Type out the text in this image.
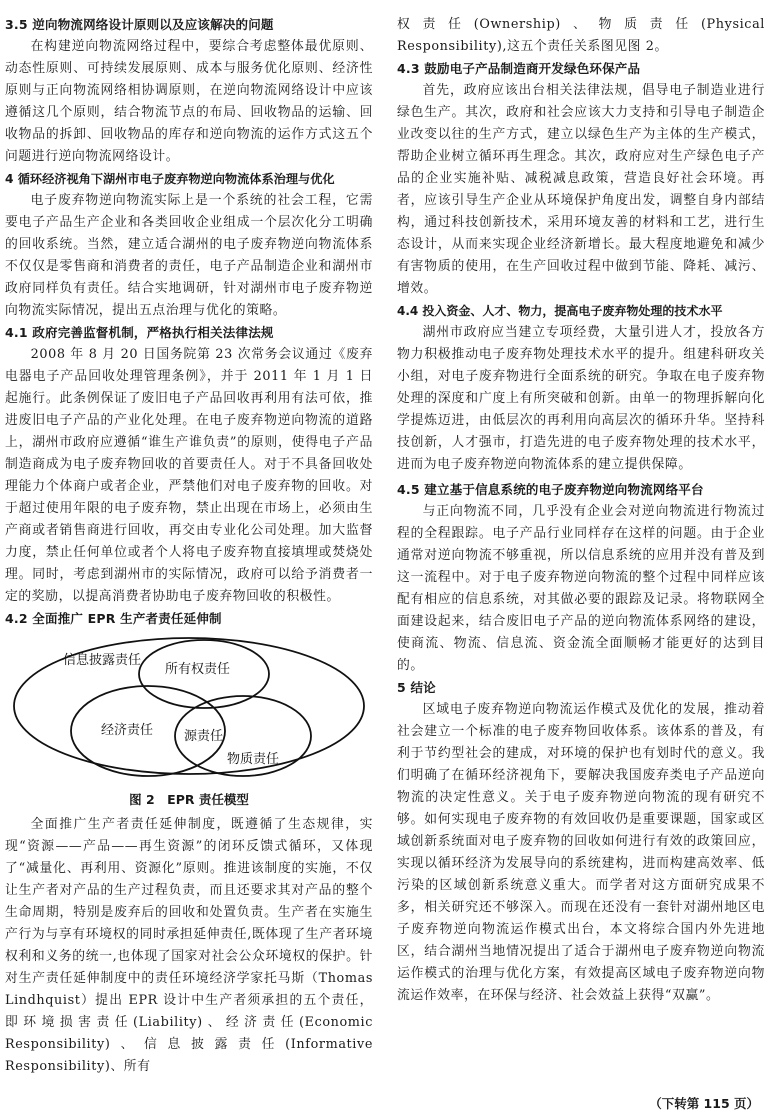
3.5 逆向物流网络设计原则以及应该解决的问题

在构建逆向物流网络过程中，要综合考虑整体最优原则、动态性原则、可持续发展原则、成本与服务优化原则、经济性原则与正向物流网络相协调原则，在逆向物流网络设计中应该遵循这几个原则，结合物流节点的布局、回收物品的运输、回收物品的拆卸、回收物品的库存和逆向物流的运作方式这五个问题进行逆向物流网络设计。

4 循环经济视角下湖州市电子废弃物逆向物流体系治理与优化

电子废弃物逆向物流实际上是一个系统的社会工程，它需要电子产品生产企业和各类回收企业组成一个层次化分工明确的回收系统。当然，建立适合湖州的电子废弃物逆向物流体系不仅仅是零售商和消费者的责任，电子产品制造企业和湖州市政府同样负有责任。结合实地调研，针对湖州市电子废弃物逆向物流实际情况，提出五点治理与优化的策略。

4.1 政府完善监督机制，严格执行相关法律法规

2008 年 8 月 20 日国务院第 23 次常务会议通过《废弃电器电子产品回收处理管理条例》，并于 2011 年 1 月 1 日起施行。此条例保证了废旧电子产品回收再利用有法可依，推进废旧电子产品的产业化处理。在电子废弃物逆向物流的道路上，湖州市政府应遵循“谁生产谁负责”的原则，使得电子产品制造商成为电子废弃物回收的首要责任人。对于不具备回收处理能力个体商户或者企业，严禁他们对电子废弃物的回收。对于超过使用年限的电子废弃物，禁止出现在市场上，必须由生产商或者销售商进行回收，再交由专业化公司处理。加大监督力度，禁止任何单位或者个人将电子废弃物直接填埋或焚烧处理。同时，考虑到湖州市的实际情况，政府可以给予消费者一定的奖励，以提高消费者协助电子废弃物回收的积极性。

4.2 全面推广 EPR 生产者责任延伸制
信息披露责任
所有权责任
经济责任 源责任
物质责任
图 2　EPR 责任模型

全面推广生产者责任延伸制度，既遵循了生态规律，实现“资源——产品——再生资源”的闭环反馈式循环，又体现了“减量化、再利用、资源化”原则。推进该制度的实施，不仅让生产者对产品的生产过程负责，而且还要求其对产品的整个生命周期，特别是废弃后的回收和处置负责。生产者在实施生产行为与享有环境权的同时承担延伸责任,既体现了生产者环境权利和义务的统一,也体现了国家对社会公众环境权的保护。针对生产责任延伸制度中的责任环境经济学家托马斯（Thomas Lindhquist）提出 EPR 设计中生产者须承担的五个责任，即环境损害责任(Liability)、经济责任(Economic Responsibility)、信息披露责任(Informative Responsibility)、所有

权责任(Ownership)、物质责任(Physical Responsibility),这五个责任关系图见图 2。

4.3 鼓励电子产品制造商开发绿色环保产品

首先，政府应该出台相关法律法规，倡导电子制造业进行绿色生产。其次，政府和社会应该大力支持和引导电子制造企业改变以往的生产方式，建立以绿色生产为主体的生产模式，帮助企业树立循环再生理念。其次，政府应对生产绿色电子产品的企业实施补贴、减税减息政策，营造良好社会环境。再者，应该引导生产企业从环境保护角度出发，调整自身内部结构，通过科技创新技术，采用环境友善的材料和工艺，进行生态设计，从而来实现企业经济新增长。最大程度地避免和减少有害物质的使用，在生产回收过程中做到节能、降耗、减污、增效。

4.4 投入资金、人才、物力，提高电子废弃物处理的技术水平

湖州市政府应当建立专项经费，大量引进人才，投放各方物力积极推动电子废弃物处理技术水平的提升。组建科研攻关小组，对电子废弃物进行全面系统的研究。争取在电子废弃物处理的深度和广度上有所突破和创新。由单一的物理拆解向化学提炼迈进，由低层次的再利用向高层次的循环升华。坚持科技创新，人才强市，打造先进的电子废弃物处理的技术水平，进而为电子废弃物逆向物流体系的建立提供保障。

4.5 建立基于信息系统的电子废弃物逆向物流网络平台

与正向物流不同，几乎没有企业会对逆向物流进行物流过程的全程跟踪。电子产品行业同样存在这样的问题。由于企业通常对逆向物流不够重视，所以信息系统的应用并没有普及到这一流程中。对于电子废弃物逆向物流的整个过程中同样应该配有相应的信息系统，对其做必要的跟踪及记录。将物联网全面建设起来，结合废旧电子产品的逆向物流体系网络的建设，使商流、物流、信息流、资金流全面顺畅才能更好的达到目的。

5 结论

区域电子废弃物逆向物流运作模式及优化的发展，推动着社会建立一个标准的电子废弃物回收体系。该体系的普及，有利于节约型社会的建成，对环境的保护也有划时代的意义。我们明确了在循环经济视角下，要解决我国废弃类电子产品逆向物流的决定性意义。关于电子废弃物逆向物流的现有研究不够。如何实现电子废弃物的有效回收仍是重要课题，国家或区域创新系统面对电子废弃物的回收如何进行有效的政策回应，实现以循环经济为发展导向的系统建构，进而构建高效率、低污染的区域创新系统意义重大。而学者对这方面研究成果不多，相关研究还不够深入。而现在还没有一套针对湖州地区电子废弃物逆向物流运作模式出台，本文将综合国内外先进地区，结合湖州当地情况提出了适合于湖州电子废弃物逆向物流运作模式的治理与优化方案，有效提高区域电子废弃物逆向物流运作效率，在环保与经济、社会效益上获得“双赢”。

（下转第 115 页）
